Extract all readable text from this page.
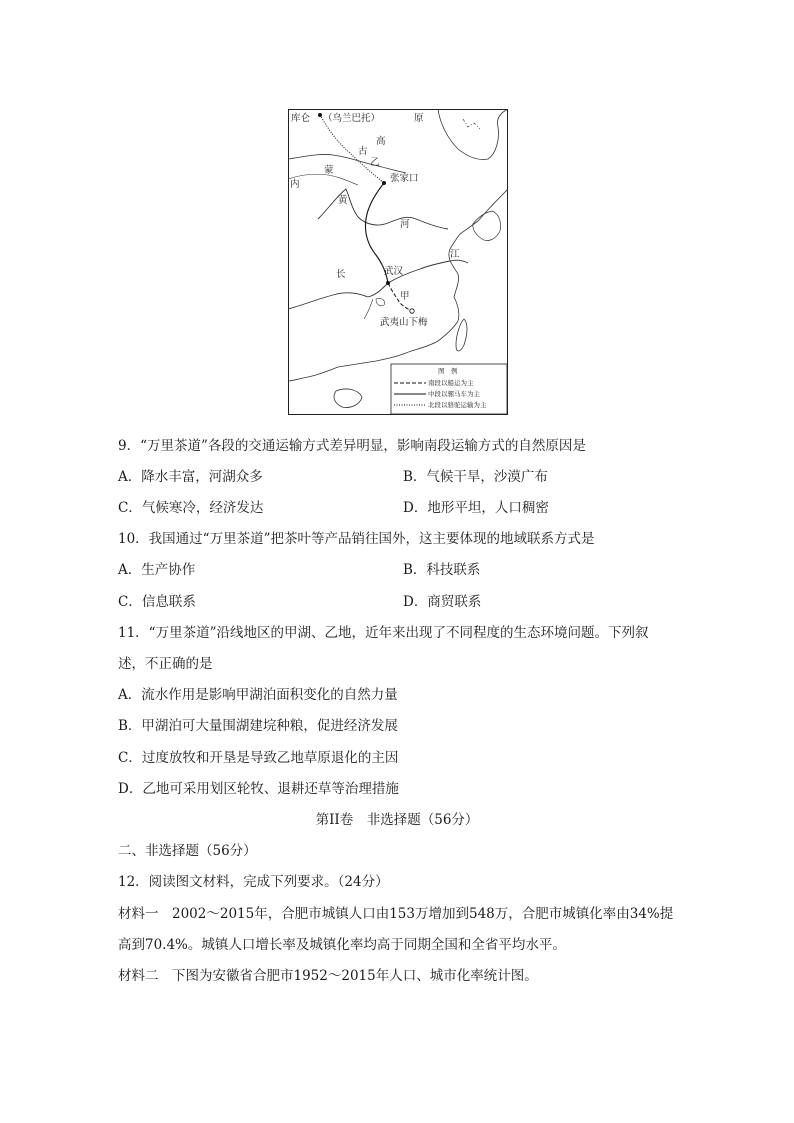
库仑 （乌兰巴托）
高
原
古
乙
内
蒙
张家口
黄
河
江
长	武汉
甲
武夷山下梅
图　例
南段以船运为主
中段以骡马车为主
北段以骆驼运输为主
9．“万里茶道”各段的交通运输方式差异明显，影响南段运输方式的自然原因是
A．降水丰富，河湖众多	B．气候干旱，沙漠广布
C．气候寒冷，经济发达	D．地形平坦，人口稠密
10．我国通过“万里茶道”把茶叶等产品销往国外，这主要体现的地域联系方式是
A．生产协作	B．科技联系
C．信息联系	D．商贸联系
11．“万里茶道”沿线地区的甲湖、乙地，近年来出现了不同程度的生态环境问题。下列叙
述，不正确的是
A．流水作用是影响甲湖泊面积变化的自然力量
B．甲湖泊可大量围湖建垸种粮，促进经济发展
C．过度放牧和开垦是导致乙地草原退化的主因
D．乙地可采用划区轮牧、退耕还草等治理措施
第II卷　非选择题（56分）
二、非选择题（56分）
12．阅读图文材料，完成下列要求。（24分）
材料一　2002～2015年，合肥市城镇人口由153万增加到548万，合肥市城镇化率由34%提
高到70.4%。城镇人口增长率及城镇化率均高于同期全国和全省平均水平。
材料二　下图为安徽省合肥市1952～2015年人口、城市化率统计图。
